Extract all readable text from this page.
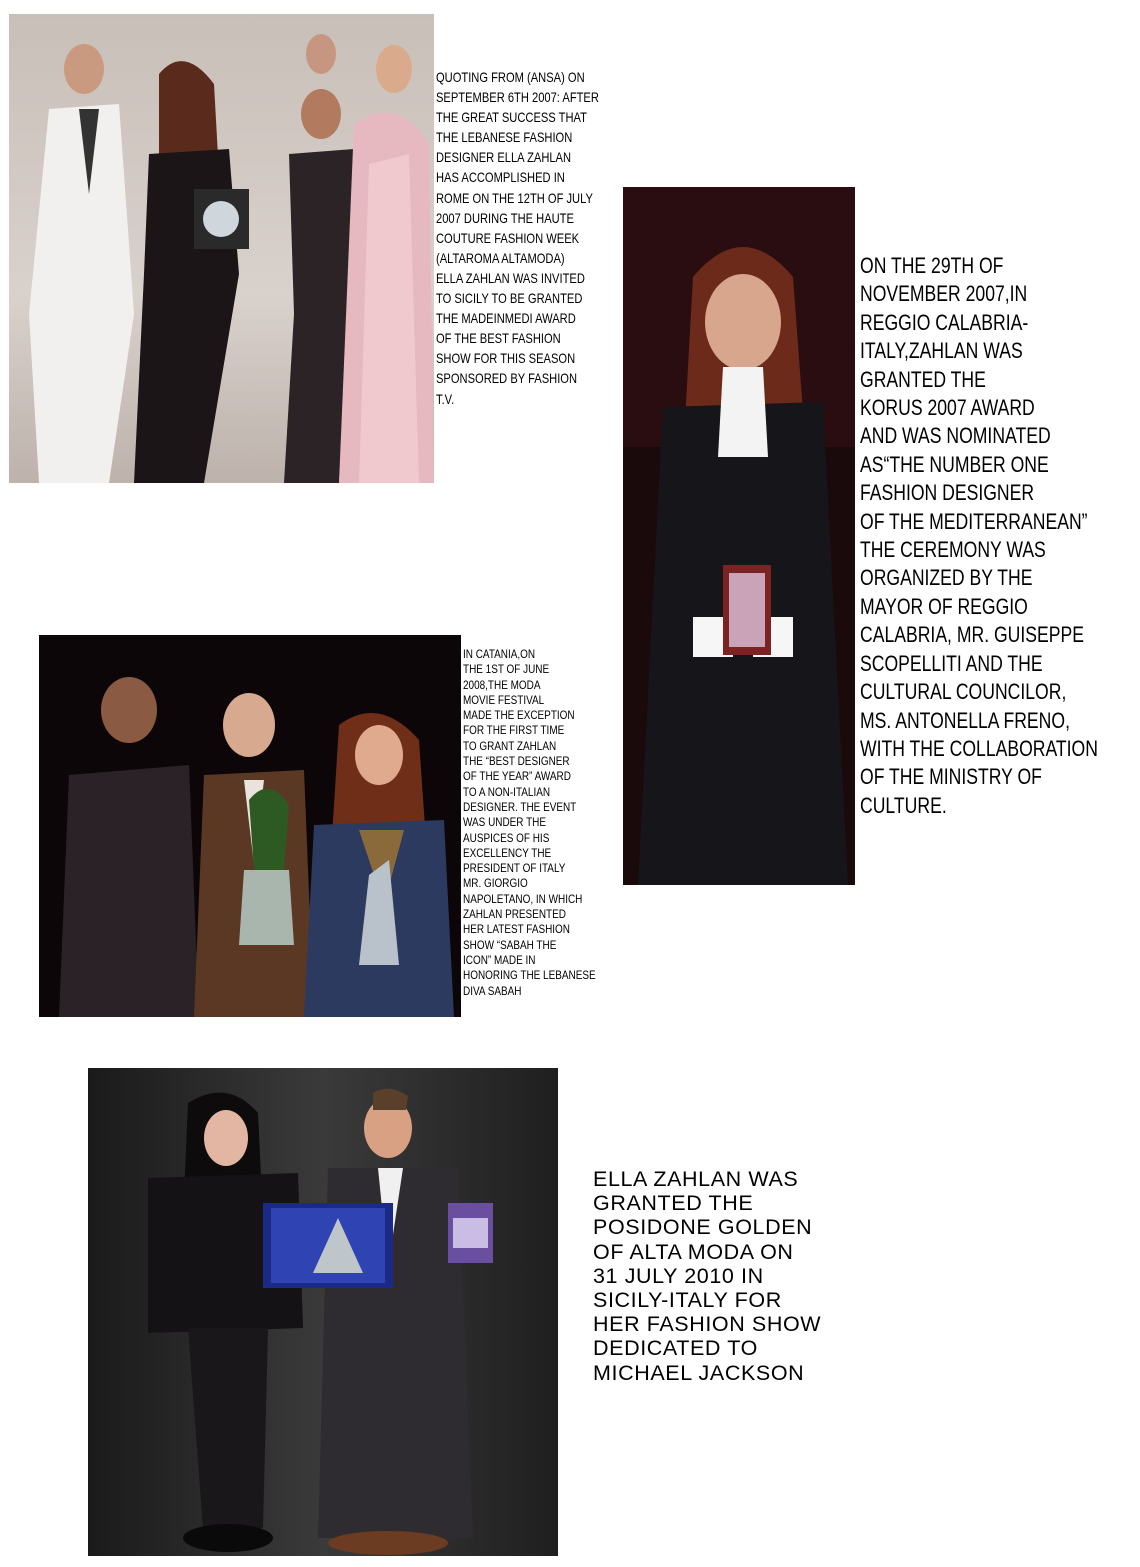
QUOTING FROM (ANSA) ON
SEPTEMBER 6TH 2007: AFTER
THE GREAT SUCCESS THAT
THE LEBANESE FASHION
DESIGNER ELLA ZAHLAN
HAS ACCOMPLISHED IN
ROME ON THE 12TH OF JULY
2007 DURING THE HAUTE
COUTURE FASHION WEEK
(ALTAROMA ALTAMODA)
ELLA ZAHLAN WAS INVITED
TO SICILY TO BE GRANTED
THE MADEINMEDI AWARD
OF THE BEST FASHION
SHOW FOR THIS SEASON
SPONSORED BY FASHION
T.V.

ON THE 29TH OF
NOVEMBER 2007,IN
REGGIO CALABRIA-
ITALY,ZAHLAN WAS
GRANTED THE
KORUS 2007 AWARD
AND WAS NOMINATED
AS“THE NUMBER ONE
FASHION DESIGNER
OF THE MEDITERRANEAN”
THE CEREMONY WAS
ORGANIZED BY THE
MAYOR OF REGGIO
CALABRIA, MR. GUISEPPE
SCOPELLITI AND THE
CULTURAL COUNCILOR,
MS. ANTONELLA FRENO,
WITH THE COLLABORATION
OF THE MINISTRY OF
CULTURE.

IN CATANIA,ON
THE 1ST OF JUNE
2008,THE MODA
MOVIE FESTIVAL
MADE THE EXCEPTION
FOR THE FIRST TIME
TO GRANT ZAHLAN
THE “BEST DESIGNER
OF THE YEAR” AWARD
TO A NON-ITALIAN
DESIGNER. THE EVENT
WAS UNDER THE
AUSPICES OF HIS
EXCELLENCY THE
PRESIDENT OF ITALY
MR. GIORGIO
NAPOLETANO, IN WHICH
ZAHLAN PRESENTED
HER LATEST FASHION
SHOW “SABAH THE
ICON” MADE IN
HONORING THE LEBANESE
DIVA SABAH

ELLA ZAHLAN WAS
GRANTED THE
POSIDONE GOLDEN
OF ALTA MODA ON
31 JULY 2010 IN
SICILY-ITALY FOR
HER FASHION SHOW
DEDICATED TO
MICHAEL JACKSON
